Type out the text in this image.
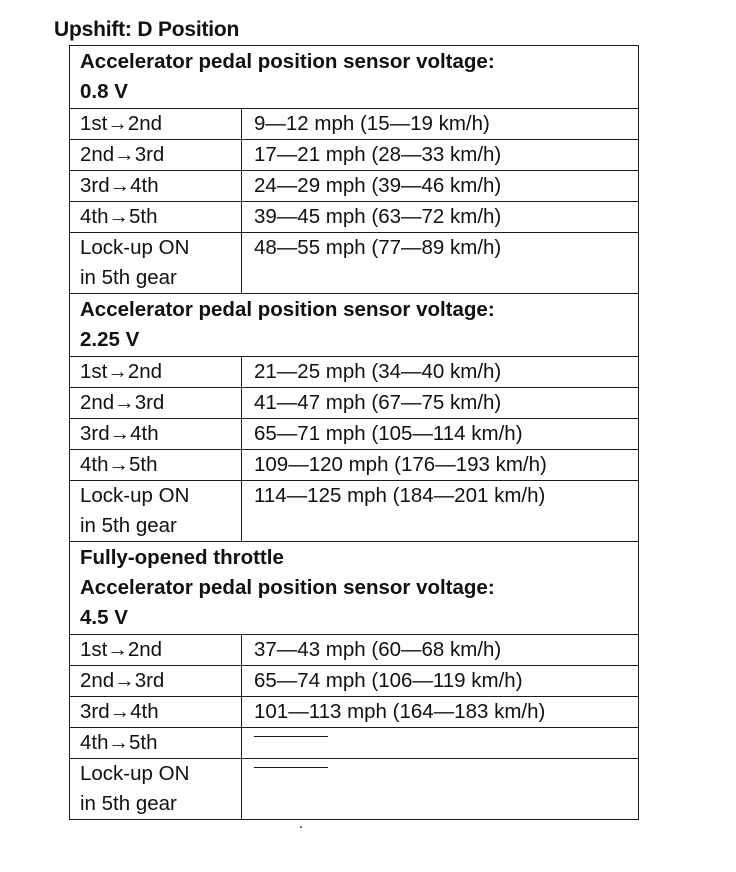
Upshift: D Position
Accelerator pedal position sensor voltage:
0.8 V	

1st→2nd	9—12 mph (15—19 km/h)

2nd→3rd	17—21 mph (28—33 km/h)

3rd→4th	24—29 mph (39—46 km/h)

4th→5th	39—45 mph (63—72 km/h)

Lock-up ON
in 5th gear	48—55 mph (77—89 km/h)

Accelerator pedal position sensor voltage:
2.25 V	

1st→2nd	21—25 mph (34—40 km/h)

2nd→3rd	41—47 mph (67—75 km/h)

3rd→4th	65—71 mph (105—114 km/h)

4th→5th	109—120 mph (176—193 km/h)

Lock-up ON
in 5th gear	114—125 mph (184—201 km/h)

Fully-opened throttle
Accelerator pedal position sensor voltage:
4.5 V	

1st→2nd	37—43 mph (60—68 km/h)

2nd→3rd	65—74 mph (106—119 km/h)

3rd→4th	101—113 mph (164—183 km/h)

4th→5th	

Lock-up ON
in 5th gear	
